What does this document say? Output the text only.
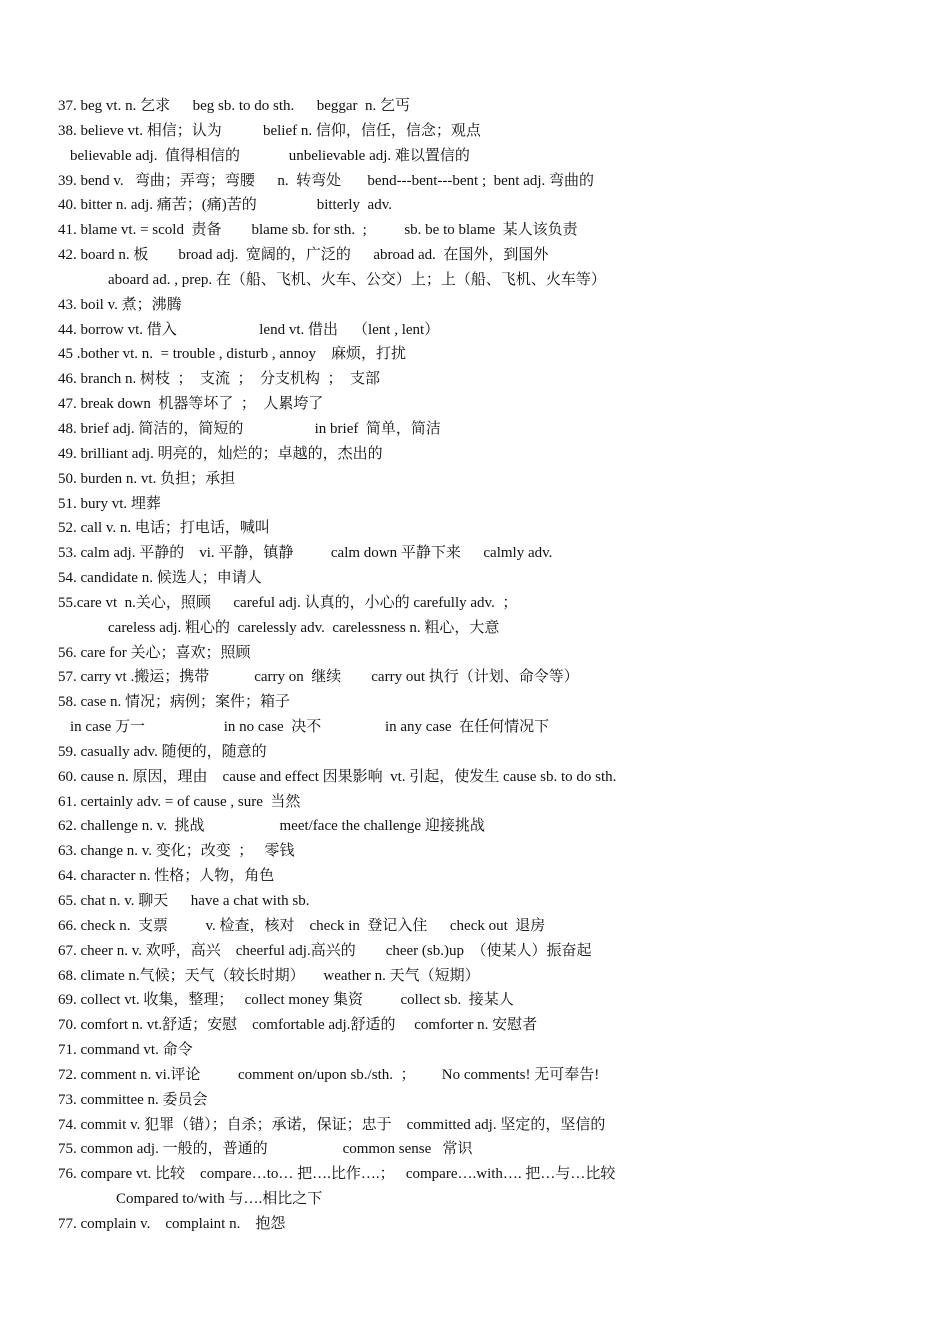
37. beg vt. n. 乞求      beg sb. to do sth.      beggar  n. 乞丐
38. believe vt. 相信；认为           belief n. 信仰，信任，信念；观点
believable adj.  值得相信的             unbelievable adj. 难以置信的
39. bend v.   弯曲；弄弯；弯腰      n.  转弯处       bend---bent---bent ;  bent adj. 弯曲的
40. bitter n. adj. 痛苦；(痛)苦的                bitterly  adv.
41. blame vt. = scold  责备        blame sb. for sth.  ;          sb. be to blame  某人该负责
42. board n. 板        broad adj.  宽阔的，广泛的      abroad ad.  在国外，到国外
aboard ad. , prep. 在（船、飞机、火车、公交）上；上（船、飞机、火车等）
43. boil v. 煮；沸腾
44. borrow vt. 借入                      lend vt. 借出    （lent , lent）
45 .bother vt. n.  = trouble , disturb , annoy    麻烦，打扰
46. branch n. 树枝  ；  支流  ；  分支机构  ；  支部
47. break down  机器等坏了  ；  人累垮了
48. brief adj. 简洁的，简短的                   in brief  简单，简洁
49. brilliant adj. 明亮的，灿烂的；卓越的，杰出的
50. burden n. vt. 负担；承担
51. bury vt. 埋葬
52. call v. n. 电话；打电话，喊叫
53. calm adj. 平静的    vi. 平静，镇静          calm down 平静下来      calmly adv.
54. candidate n. 候选人；申请人
55.care vt  n.关心，照顾      careful adj. 认真的，小心的 carefully adv.  ；
careless adj. 粗心的  carelessly adv.  carelessness n. 粗心，大意
56. care for 关心；喜欢；照顾
57. carry vt .搬运；携带            carry on  继续        carry out 执行（计划、命令等）
58. case n. 情况；病例；案件；箱子
in case 万一                     in no case  决不                 in any case  在任何情况下
59. casually adv. 随便的，随意的
60. cause n. 原因，理由    cause and effect 因果影响  vt. 引起，使发生 cause sb. to do sth.
61. certainly adv. = of cause , sure  当然
62. challenge n. v.  挑战                    meet/face the challenge 迎接挑战
63. change n. v. 变化；改变  ；   零钱
64. character n. 性格；人物，角色
65. chat n. v. 聊天      have a chat with sb.
66. check n.  支票          v. 检查，核对    check in  登记入住      check out  退房
67. cheer n. v. 欢呼，高兴    cheerful adj.高兴的        cheer (sb.)up  （使某人）振奋起
68. climate n.气候；天气（较长时期）     weather n. 天气（短期）
69. collect vt. 收集，整理；   collect money 集资          collect sb.  接某人
70. comfort n. vt.舒适；安慰    comfortable adj.舒适的     comforter n. 安慰者
71. command vt. 命令
72. comment n. vi.评论          comment on/upon sb./sth.  ；       No comments! 无可奉告!
73. committee n. 委员会
74. commit v. 犯罪（错）；自杀；承诺，保证；忠于    committed adj. 坚定的，坚信的
75. common adj. 一般的，普通的                    common sense   常识
76. compare vt. 比较    compare…to… 把….比作….；   compare….with…. 把…与…比较
Compared to/with 与….相比之下
77. complain v.    complaint n.    抱怨
